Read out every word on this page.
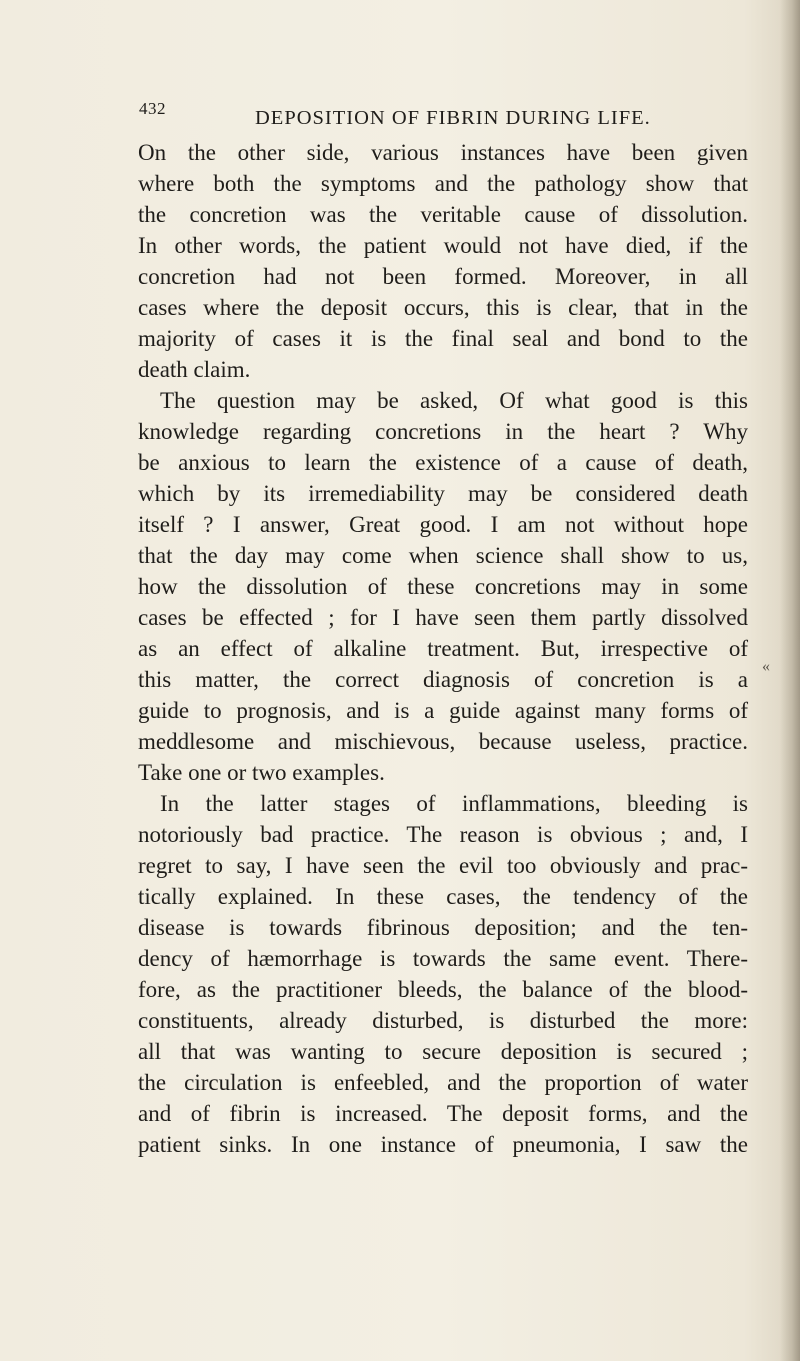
432	DEPOSITION OF FIBRIN DURING LIFE.
«
On the other side, various instances have been given
where both the symptoms and the pathology show that
the concretion was the veritable cause of dissolution.
In other words, the patient would not have died, if the
concretion had not been formed. Moreover, in all
cases where the deposit occurs, this is clear, that in the
majority of cases it is the final seal and bond to the
death claim.
The question may be asked, Of what good is this
knowledge regarding concretions in the heart ? Why
be anxious to learn the existence of a cause of death,
which by its irremediability may be considered death
itself ? I answer, Great good. I am not without hope
that the day may come when science shall show to us,
how the dissolution of these concretions may in some
cases be effected ; for I have seen them partly dissolved
as an effect of alkaline treatment. But, irrespective of
this matter, the correct diagnosis of concretion is a
guide to prognosis, and is a guide against many forms of
meddlesome and mischievous, because useless, practice.
Take one or two examples.
In the latter stages of inflammations, bleeding is
notoriously bad practice. The reason is obvious ; and, I
regret to say, I have seen the evil too obviously and prac-
tically explained. In these cases, the tendency of the
disease is towards fibrinous deposition; and the ten-
dency of hæmorrhage is towards the same event. There-
fore, as the practitioner bleeds, the balance of the blood-
constituents, already disturbed, is disturbed the more:
all that was wanting to secure deposition is secured ;
the circulation is enfeebled, and the proportion of water
and of fibrin is increased. The deposit forms, and the
patient sinks. In one instance of pneumonia, I saw the
